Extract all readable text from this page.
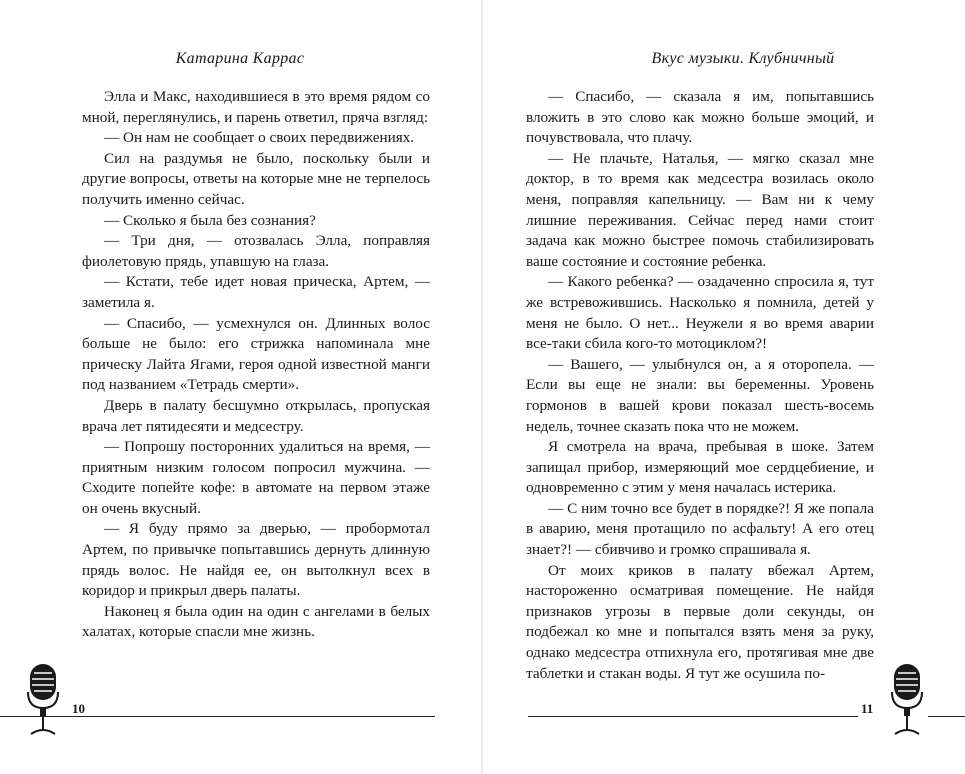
Катарина Каррас

Элла и Макс, находившиеся в это время рядом со мной, переглянулись, и парень ответил, пряча взгляд:

— Он нам не сообщает о своих передвижениях.

Сил на раздумья не было, поскольку были и другие вопросы, ответы на которые мне не терпелось получить именно сейчас.

— Сколько я была без сознания?

— Три дня, — отозвалась Элла, поправляя фиолетовую прядь, упавшую на глаза.

— Кстати, тебе идет новая прическа, Артем, — заметила я.

— Спасибо, — усмехнулся он. Длинных волос больше не было: его стрижка напоминала мне прическу Лайта Ягами, героя одной известной манги под названием «Тетрадь смерти».

Дверь в палату бесшумно открылась, пропуская врача лет пятидесяти и медсестру.

— Попрошу посторонних удалиться на время, — приятным низким голосом попросил мужчина. — Сходите попейте кофе: в автомате на первом этаже он очень вкусный.

— Я буду прямо за дверью, — пробормотал Артем, по привычке попытавшись дернуть длинную прядь волос. Не найдя ее, он вытолкнул всех в коридор и прикрыл дверь палаты.

Наконец я была один на один с ангелами в белых халатах, которые спасли мне жизнь.

10
Вкус музыки. Клубничный

— Спасибо, — сказала я им, попытавшись вложить в это слово как можно больше эмоций, и почувствовала, что плачу.

— Не плачьте, Наталья, — мягко сказал мне доктор, в то время как медсестра возилась около меня, поправляя капельницу. — Вам ни к чему лишние переживания. Сейчас перед нами стоит задача как можно быстрее помочь стабилизировать ваше состояние и состояние ребенка.

— Какого ребенка? — озадаченно спросила я, тут же встревожившись. Насколько я помнила, детей у меня не было. О нет... Неужели я во время аварии все-таки сбила кого-то мотоциклом?!

— Вашего, — улыбнулся он, а я оторопела. — Если вы еще не знали: вы беременны. Уровень гормонов в вашей крови показал шесть-восемь недель, точнее сказать пока что не можем.

Я смотрела на врача, пребывая в шоке. Затем запищал прибор, измеряющий мое сердцебиение, и одновременно с этим у меня началась истерика.

— С ним точно все будет в порядке?! Я же попала в аварию, меня протащило по асфальту! А его отец знает?! — сбивчиво и громко спрашивала я.

От моих криков в палату вбежал Артем, настороженно осматривая помещение. Не найдя признаков угрозы в первые доли секунды, он подбежал ко мне и попытался взять меня за руку, однако медсестра отпихнула его, протягивая мне две таблетки и стакан воды. Я тут же осушила по-

11
